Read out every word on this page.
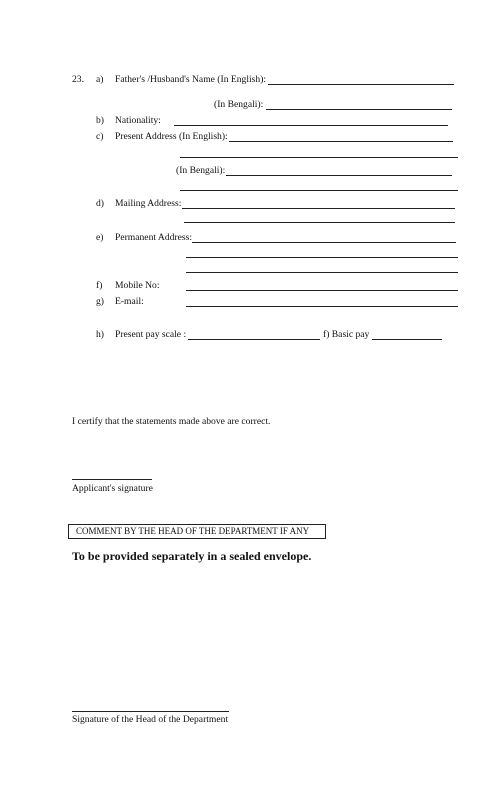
23. a) Father's /Husband's Name (In English):
(In Bengali):
b) Nationality:
c) Present Address (In English):
(In Bengali):
d) Mailing Address:
e) Permanent Address:
f) Mobile No:
g) E-mail:
h) Present pay scale :	f) Basic pay
I certify that the statements made above are correct.
Applicant's signature
COMMENT BY THE HEAD OF THE DEPARTMENT IF ANY
To be provided separately in a sealed envelope.
Signature of the Head of the Department
